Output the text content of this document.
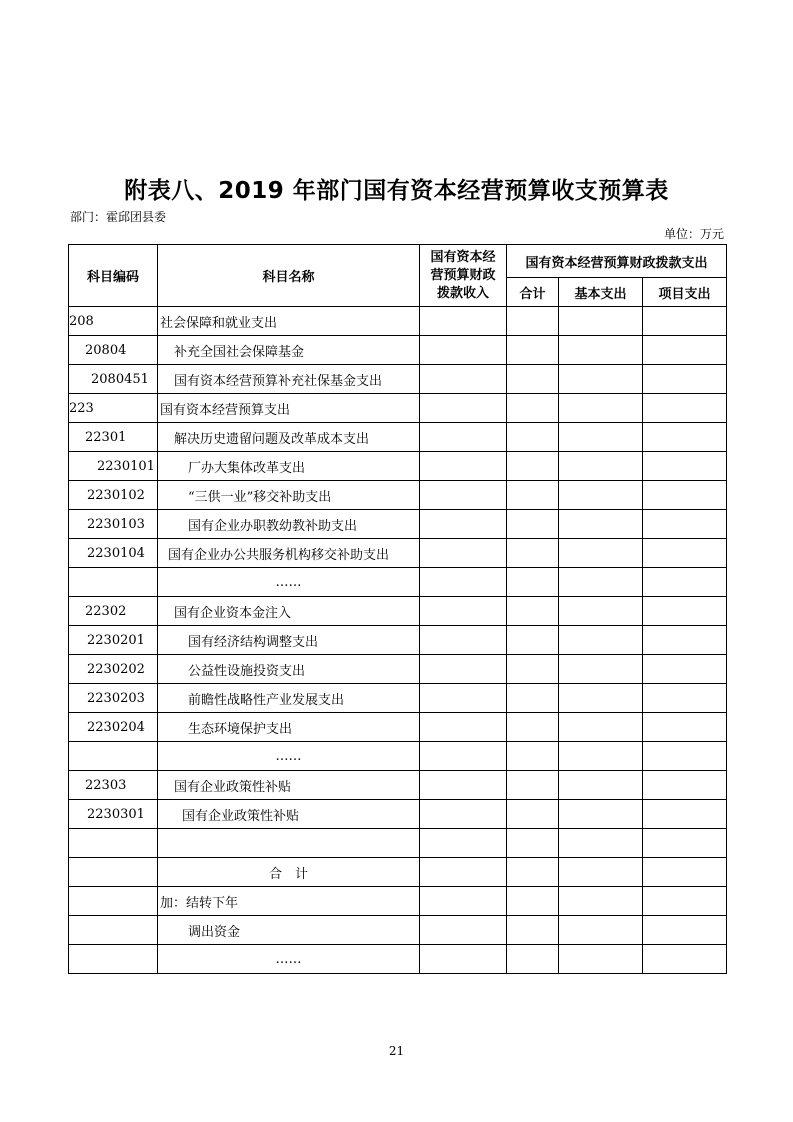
附表八、2019 年部门国有资本经营预算收支预算表
部门：霍邱团县委
单位：万元
科目编码	科目名称	国有资本经营预算财政拨款收入	国有资本经营预算财政拨款支出		
			合计	基本支出	项目支出
208	社会保障和就业支出				
20804	补充全国社会保障基金				
2080451	国有资本经营预算补充社保基金支出				
223	国有资本经营预算支出				
22301	解决历史遗留问题及改革成本支出				
2230101	厂办大集体改革支出				
2230102	“三供一业”移交补助支出				
2230103	国有企业办职教幼教补助支出				
2230104	国有企业办公共服务机构移交补助支出				
	……				
22302	国有企业资本金注入				
2230201	国有经济结构调整支出				
2230202	公益性设施投资支出				
2230203	前瞻性战略性产业发展支出				
2230204	生态环境保护支出				
	……				
22303	国有企业政策性补贴				
2230301	国有企业政策性补贴				

	合　计				
	加：结转下年				
	调出资金				
	……				
21
